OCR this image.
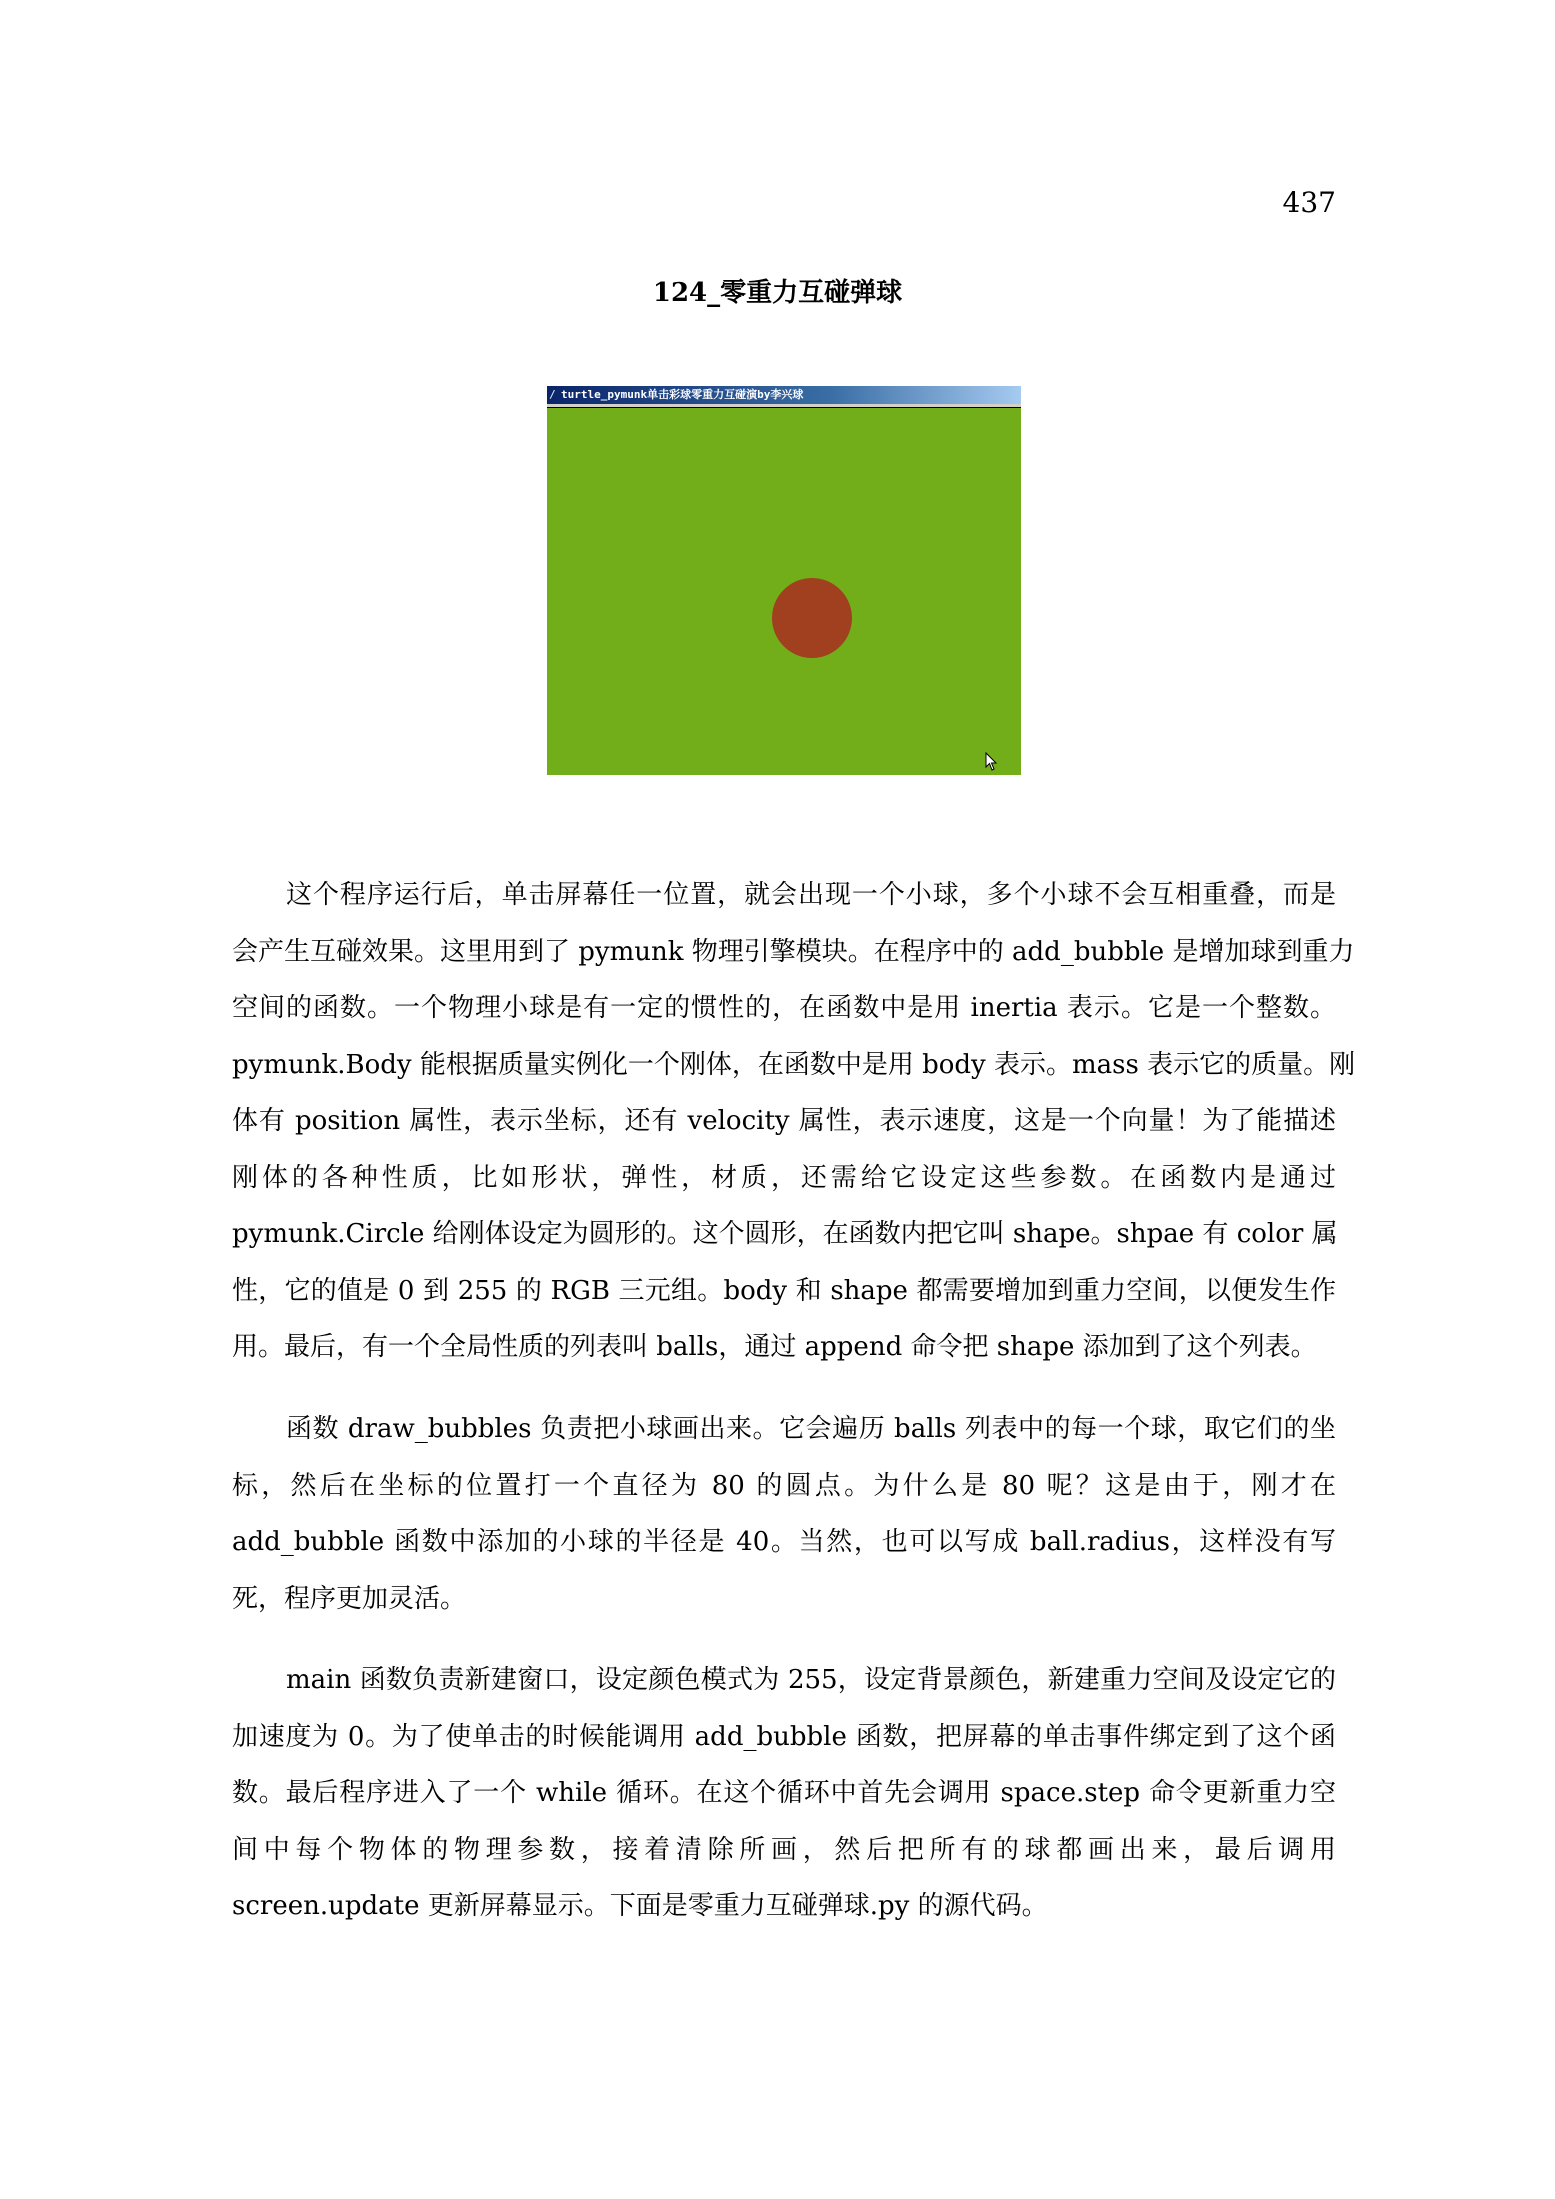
437
124_零重力互碰弹球
/ turtle_pymunk单击彩球零重力互碰演by李兴球
这个程序运行后，单击屏幕任一位置，就会出现一个小球，多个小球不会互相重叠，而是
会产生互碰效果。这里用到了 pymunk 物理引擎模块。在程序中的 add_bubble 是增加球到重力
空间的函数。一个物理小球是有一定的惯性的，在函数中是用 inertia 表示。它是一个整数。
pymunk.Body 能根据质量实例化一个刚体，在函数中是用 body 表示。mass 表示它的质量。刚
体有 position 属性，表示坐标，还有 velocity 属性，表示速度，这是一个向量！为了能描述
刚体的各种性质，比如形状，弹性，材质，还需给它设定这些参数。在函数内是通过
pymunk.Circle 给刚体设定为圆形的。这个圆形，在函数内把它叫 shape。shpae 有 color 属
性，它的值是 0 到 255 的 RGB 三元组。body 和 shape 都需要增加到重力空间，以便发生作
用。最后，有一个全局性质的列表叫 balls，通过 append 命令把 shape 添加到了这个列表。
函数 draw_bubbles 负责把小球画出来。它会遍历 balls 列表中的每一个球，取它们的坐
标，然后在坐标的位置打一个直径为 80 的圆点。为什么是 80 呢？这是由于，刚才在
add_bubble 函数中添加的小球的半径是 40。当然，也可以写成 ball.radius，这样没有写
死，程序更加灵活。
main 函数负责新建窗口，设定颜色模式为 255，设定背景颜色，新建重力空间及设定它的
加速度为 0。为了使单击的时候能调用 add_bubble 函数，把屏幕的单击事件绑定到了这个函
数。最后程序进入了一个 while 循环。在这个循环中首先会调用 space.step 命令更新重力空
间中每个物体的物理参数，接着清除所画，然后把所有的球都画出来，最后调用
screen.update 更新屏幕显示。下面是零重力互碰弹球.py 的源代码。
